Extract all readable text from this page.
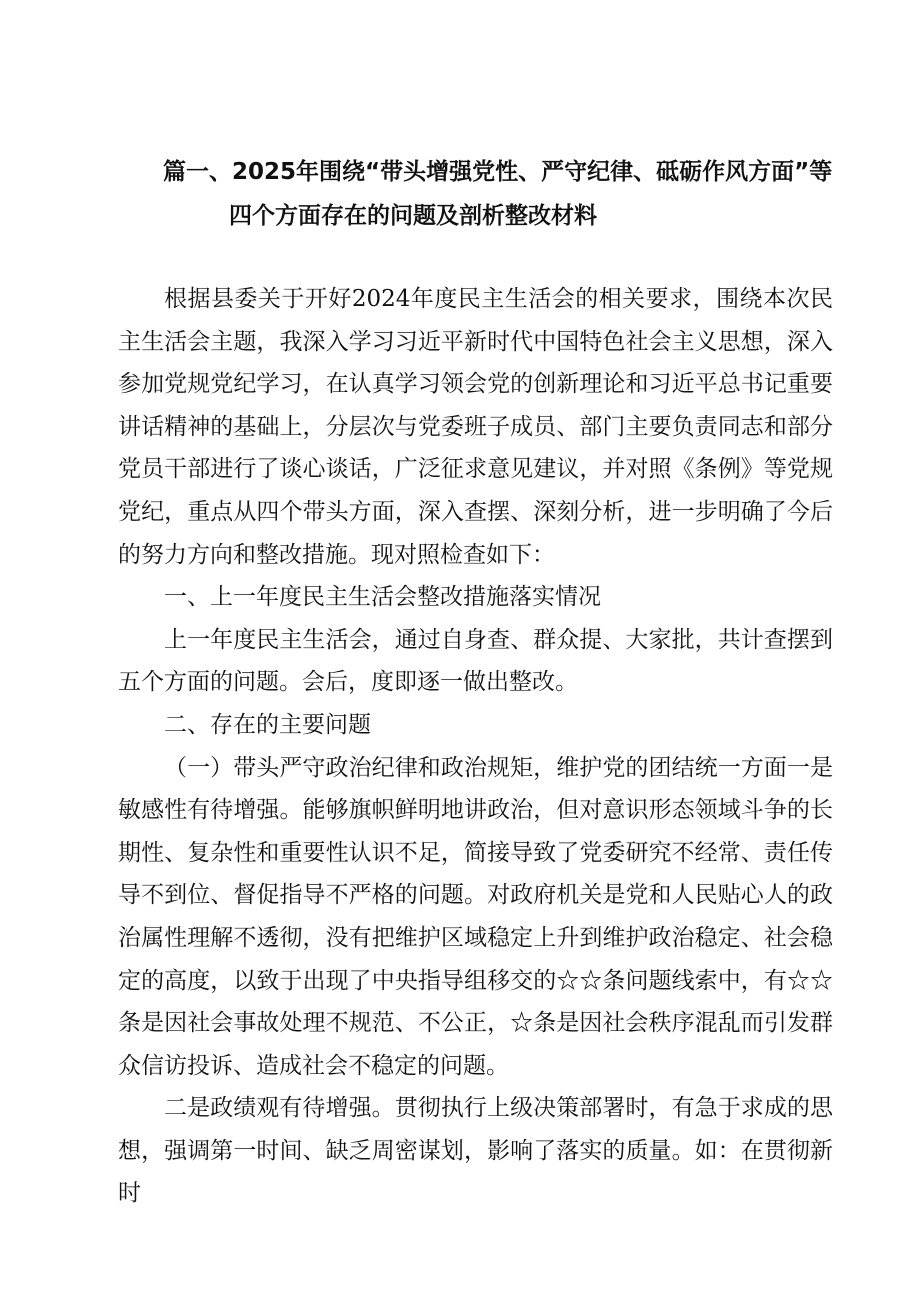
篇一、2025年围绕“带头增强党性、严守纪律、砥砺作风方面”等
四个方面存在的问题及剖析整改材料

根据县委关于开好2024年度民主生活会的相关要求，围绕本次民主生活会主题，我深入学习习近平新时代中国特色社会主义思想，深入参加党规党纪学习，在认真学习领会党的创新理论和习近平总书记重要讲话精神的基础上，分层次与党委班子成员、部门主要负责同志和部分党员干部进行了谈心谈话，广泛征求意见建议，并对照《条例》等党规党纪，重点从四个带头方面，深入查摆、深刻分析，进一步明确了今后的努力方向和整改措施。现对照检查如下：

一、上一年度民主生活会整改措施落实情况

上一年度民主生活会，通过自身查、群众提、大家批，共计查摆到五个方面的问题。会后，度即逐一做出整改。

二、存在的主要问题

（一）带头严守政治纪律和政治规矩，维护党的团结统一方面一是敏感性有待增强。能够旗帜鲜明地讲政治，但对意识形态领域斗争的长期性、复杂性和重要性认识不足，简接导致了党委研究不经常、责任传导不到位、督促指导不严格的问题。对政府机关是党和人民贴心人的政治属性理解不透彻，没有把维护区域稳定上升到维护政治稳定、社会稳定的高度，以致于出现了中央指导组移交的☆☆条问题线索中，有☆☆条是因社会事故处理不规范、不公正，☆条是因社会秩序混乱而引发群众信访投诉、造成社会不稳定的问题。

二是政绩观有待增强。贯彻执行上级决策部署时，有急于求成的思想，强调第一时间、缺乏周密谋划，影响了落实的质量。如：在贯彻新时
